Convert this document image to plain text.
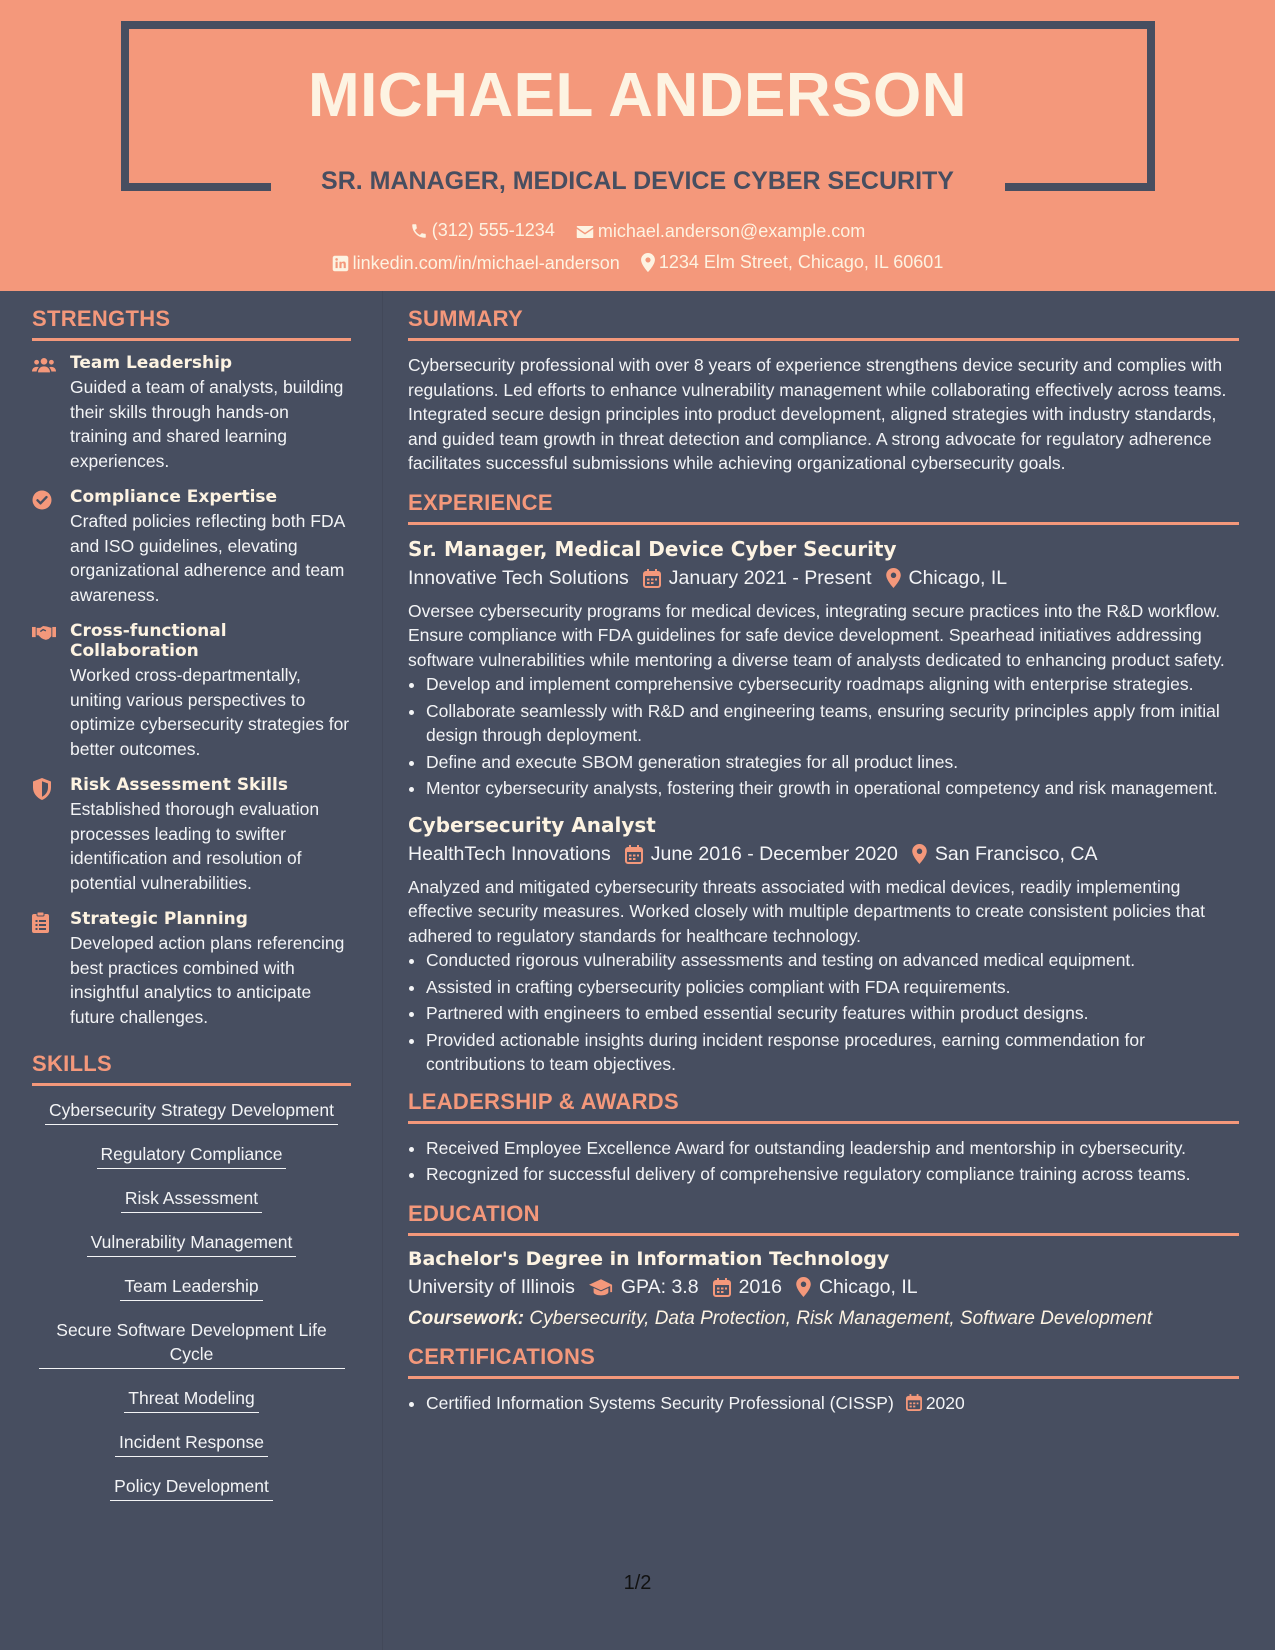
MICHAEL ANDERSON
SR. MANAGER, MEDICAL DEVICE CYBER SECURITY
(312) 555-1234
michael.anderson@example.com
linkedin.com/in/michael-anderson
1234 Elm Street, Chicago, IL 60601
STRENGTHS
Team Leadership
Guided a team of analysts, building their skills through hands-on training and shared learning experiences.
Compliance Expertise
Crafted policies reflecting both FDA and ISO guidelines, elevating organizational adherence and team awareness.
Cross-functional Collaboration
Worked cross-departmentally, uniting various perspectives to optimize cybersecurity strategies for better outcomes.
Risk Assessment Skills
Established thorough evaluation processes leading to swifter identification and resolution of potential vulnerabilities.
Strategic Planning
Developed action plans referencing best practices combined with insightful analytics to anticipate future challenges.
SKILLS
Cybersecurity Strategy Development
Regulatory Compliance
Risk Assessment
Vulnerability Management
Team Leadership
Secure Software Development Life Cycle
Threat Modeling
Incident Response
Policy Development
SUMMARY
Cybersecurity professional with over 8 years of experience strengthens device security and complies with regulations. Led efforts to enhance vulnerability management while collaborating effectively across teams. Integrated secure design principles into product development, aligned strategies with industry standards, and guided team growth in threat detection and compliance. A strong advocate for regulatory adherence facilitates successful submissions while achieving organizational cybersecurity goals.
EXPERIENCE
Sr. Manager, Medical Device Cyber Security
Innovative Tech Solutions January 2021 - Present Chicago, IL
Oversee cybersecurity programs for medical devices, integrating secure practices into the R&D workflow. Ensure compliance with FDA guidelines for safe device development. Spearhead initiatives addressing software vulnerabilities while mentoring a diverse team of analysts dedicated to enhancing product safety.
• Develop and implement comprehensive cybersecurity roadmaps aligning with enterprise strategies.
• Collaborate seamlessly with R&D and engineering teams, ensuring security principles apply from initial design through deployment.
• Define and execute SBOM generation strategies for all product lines.
• Mentor cybersecurity analysts, fostering their growth in operational competency and risk management.
Cybersecurity Analyst
HealthTech Innovations June 2016 - December 2020 San Francisco, CA
Analyzed and mitigated cybersecurity threats associated with medical devices, readily implementing effective security measures. Worked closely with multiple departments to create consistent policies that adhered to regulatory standards for healthcare technology.
• Conducted rigorous vulnerability assessments and testing on advanced medical equipment.
• Assisted in crafting cybersecurity policies compliant with FDA requirements.
• Partnered with engineers to embed essential security features within product designs.
• Provided actionable insights during incident response procedures, earning commendation for contributions to team objectives.
LEADERSHIP & AWARDS
• Received Employee Excellence Award for outstanding leadership and mentorship in cybersecurity.
• Recognized for successful delivery of comprehensive regulatory compliance training across teams.
EDUCATION
Bachelor's Degree in Information Technology
University of Illinois GPA: 3.8 2016 Chicago, IL
Coursework: Cybersecurity, Data Protection, Risk Management, Software Development
CERTIFICATIONS
• Certified Information Systems Security Professional (CISSP) 2020
1/2
